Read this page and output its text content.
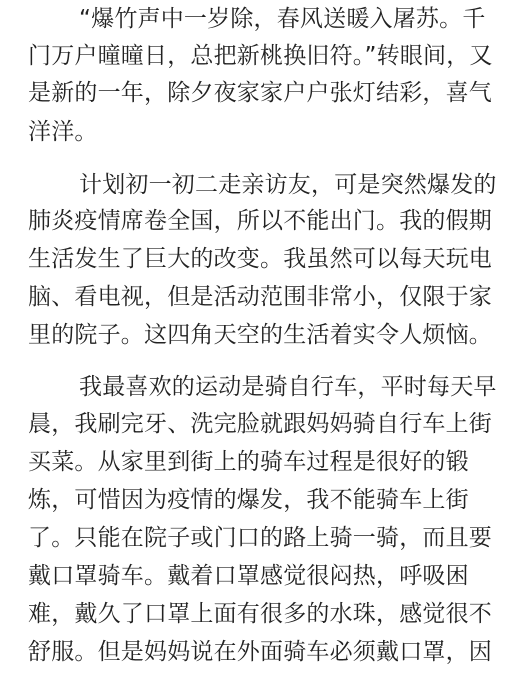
“爆竹声中一岁除，春风送暖入屠苏。千
门万户曈曈日，总把新桃换旧符。”转眼间，又
是新的一年，除夕夜家家户户张灯结彩，喜气
洋洋。
计划初一初二走亲访友，可是突然爆发的
肺炎疫情席卷全国，所以不能出门。我的假期
生活发生了巨大的改变。我虽然可以每天玩电
脑、看电视，但是活动范围非常小，仅限于家
里的院子。这四角天空的生活着实令人烦恼。
我最喜欢的运动是骑自行车，平时每天早
晨，我刷完牙、洗完脸就跟妈妈骑自行车上街
买菜。从家里到街上的骑车过程是很好的锻
炼，可惜因为疫情的爆发，我不能骑车上街
了。只能在院子或门口的路上骑一骑，而且要
戴口罩骑车。戴着口罩感觉很闷热，呼吸困
难，戴久了口罩上面有很多的水珠，感觉很不
舒服。但是妈妈说在外面骑车必须戴口罩，因
